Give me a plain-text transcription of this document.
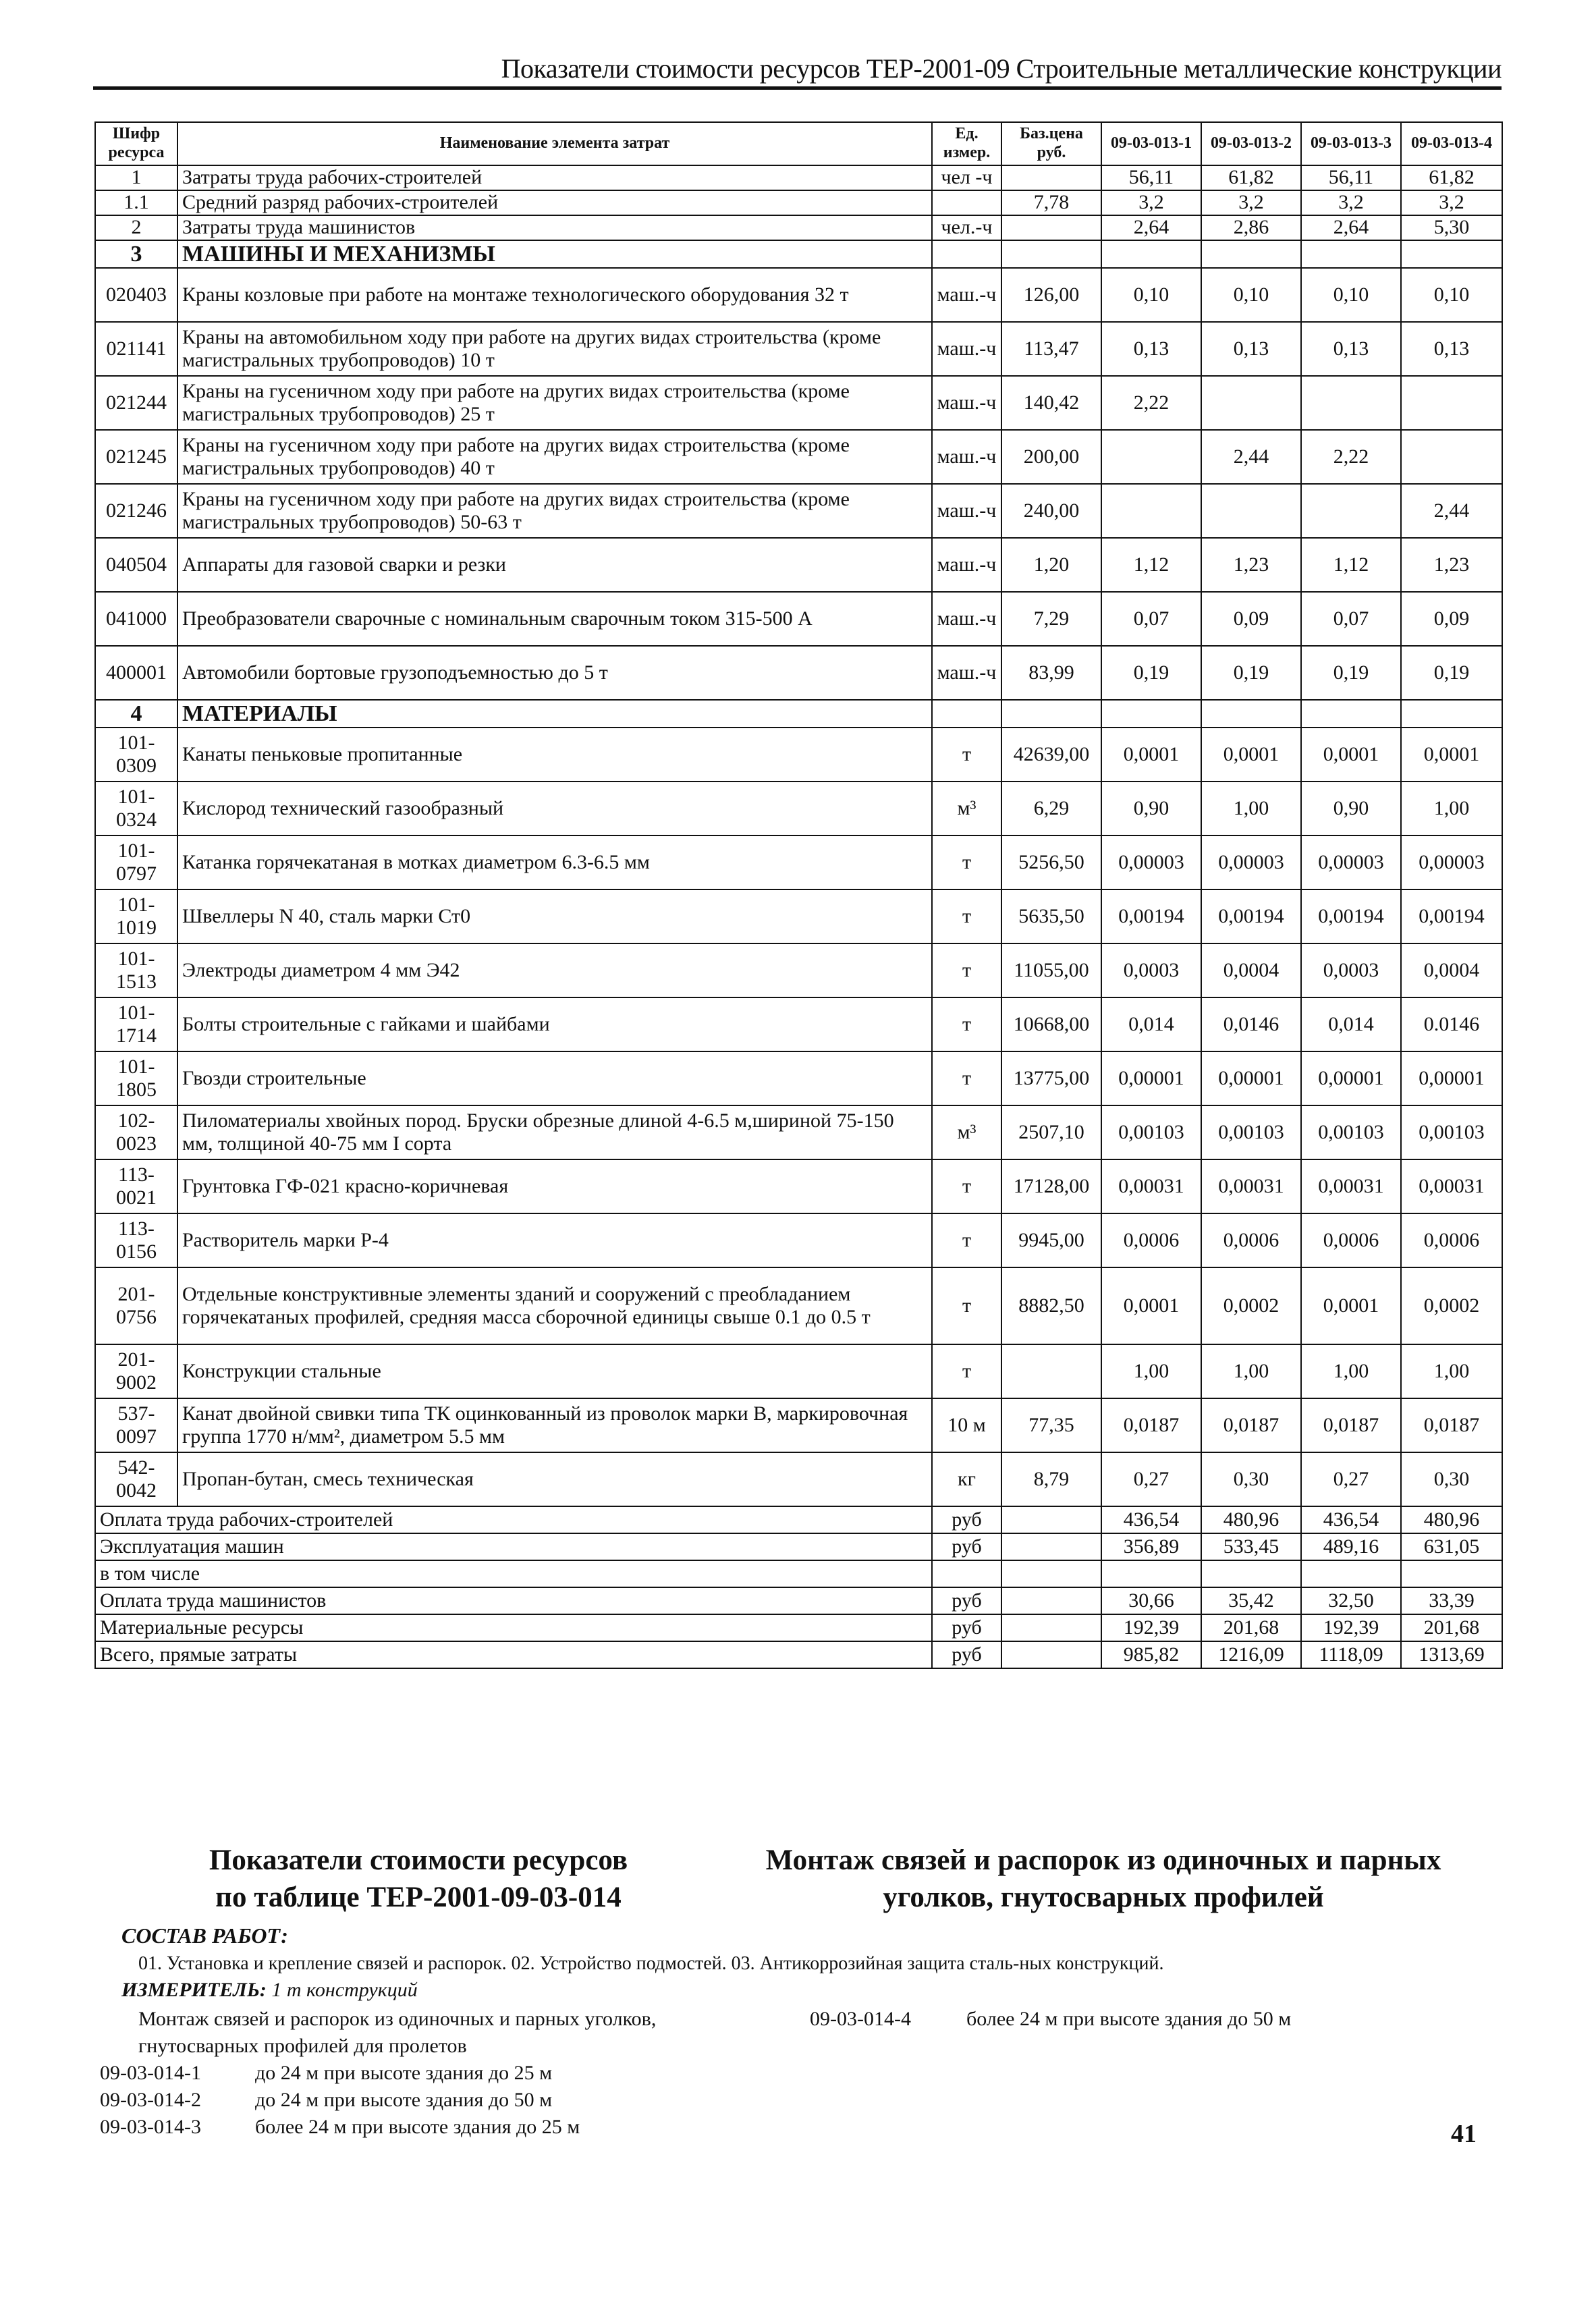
Показатели стоимости ресурсов ТЕР-2001-09 Строительные металлические конструкции
Шифр ресурса	Наименование элемента затрат	Ед. измер.	Баз.цена руб.	09-03-013-1	09-03-013-2	09-03-013-3	09-03-013-4
1	Затраты труда рабочих-строителей	чел -ч		56,11	61,82	56,11	61,82
1.1	Средний разряд рабочих-строителей		7,78	3,2	3,2	3,2	3,2
2	Затраты труда машинистов	чел.-ч		2,64	2,86	2,64	5,30
3	МАШИНЫ И МЕХАНИЗМЫ						
020403	Краны козловые при работе на монтаже технологического оборудования 32 т	маш.-ч	126,00	0,10	0,10	0,10	0,10
021141	Краны на автомобильном ходу при работе на других видах строительства (кроме магистральных трубопроводов) 10 т	маш.-ч	113,47	0,13	0,13	0,13	0,13
021244	Краны на гусеничном ходу при работе на других видах строительства (кроме магистральных трубопроводов) 25 т	маш.-ч	140,42	2,22			
021245	Краны на гусеничном ходу при работе на других видах строительства (кроме магистральных трубопроводов) 40 т	маш.-ч	200,00		2,44	2,22	
021246	Краны на гусеничном ходу при работе на других видах строительства (кроме магистральных трубопроводов) 50-63 т	маш.-ч	240,00				2,44
040504	Аппараты для газовой сварки и резки	маш.-ч	1,20	1,12	1,23	1,12	1,23
041000	Преобразователи сварочные с номинальным сварочным током 315-500 А	маш.-ч	7,29	0,07	0,09	0,07	0,09
400001	Автомобили бортовые грузоподъемностью до 5 т	маш.-ч	83,99	0,19	0,19	0,19	0,19
4	МАТЕРИАЛЫ						
101-0309	Канаты пеньковые пропитанные	т	42639,00	0,0001	0,0001	0,0001	0,0001
101-0324	Кислород технический газообразный	м³	6,29	0,90	1,00	0,90	1,00
101-0797	Катанка горячекатаная в мотках диаметром 6.3-6.5 мм	т	5256,50	0,00003	0,00003	0,00003	0,00003
101-1019	Швеллеры N 40, сталь марки Ст0	т	5635,50	0,00194	0,00194	0,00194	0,00194
101-1513	Электроды диаметром 4 мм Э42	т	11055,00	0,0003	0,0004	0,0003	0,0004
101-1714	Болты строительные с гайками и шайбами	т	10668,00	0,014	0,0146	0,014	0.0146
101-1805	Гвозди строительные	т	13775,00	0,00001	0,00001	0,00001	0,00001
102-0023	Пиломатериалы хвойных пород. Бруски обрезные длиной 4-6.5 м,шириной 75-150 мм, толщиной 40-75 мм I сорта	м³	2507,10	0,00103	0,00103	0,00103	0,00103
113-0021	Грунтовка ГФ-021 красно-коричневая	т	17128,00	0,00031	0,00031	0,00031	0,00031
113-0156	Растворитель марки Р-4	т	9945,00	0,0006	0,0006	0,0006	0,0006
201-0756	Отдельные конструктивные элементы зданий и сооружений с преобладанием горячекатаных профилей, средняя масса сборочной единицы свыше 0.1 до 0.5 т	т	8882,50	0,0001	0,0002	0,0001	0,0002
201-9002	Конструкции стальные	т		1,00	1,00	1,00	1,00
537-0097	Канат двойной свивки типа ТК оцинкованный из проволок марки В, маркировочная группа 1770 н/мм², диаметром 5.5 мм	10 м	77,35	0,0187	0,0187	0,0187	0,0187
542-0042	Пропан-бутан, смесь техническая	кг	8,79	0,27	0,30	0,27	0,30
Оплата труда рабочих-строителей		руб		436,54	480,96	436,54	480,96
Эксплуатация машин		руб		356,89	533,45	489,16	631,05
в том числе							
Оплата труда машинистов		руб		30,66	35,42	32,50	33,39
Материальные ресурсы		руб		192,39	201,68	192,39	201,68
Всего, прямые затраты		руб		985,82	1216,09	1118,09	1313,69
Показатели стоимости ресурсов
по таблице ТЕР-2001-09-03-014
Монтаж связей и распорок из одиночных и парных
уголков, гнутосварных профилей
СОСТАВ РАБОТ:
01. Установка и крепление связей и распорок. 02. Устройство подмостей. 03. Антикоррозийная защита сталь-ных конструкций.
ИЗМЕРИТЕЛЬ: 1 т конструкций
Монтаж связей и распорок из одиночных и парных уголков,
гнутосварных профилей для пролетов
09-03-014-4	более 24 м при высоте здания до 50 м
09-03-014-1	до 24 м при высоте здания до 25 м
09-03-014-2	до 24 м при высоте здания до 50 м
09-03-014-3	более 24 м при высоте здания до 25 м	41
